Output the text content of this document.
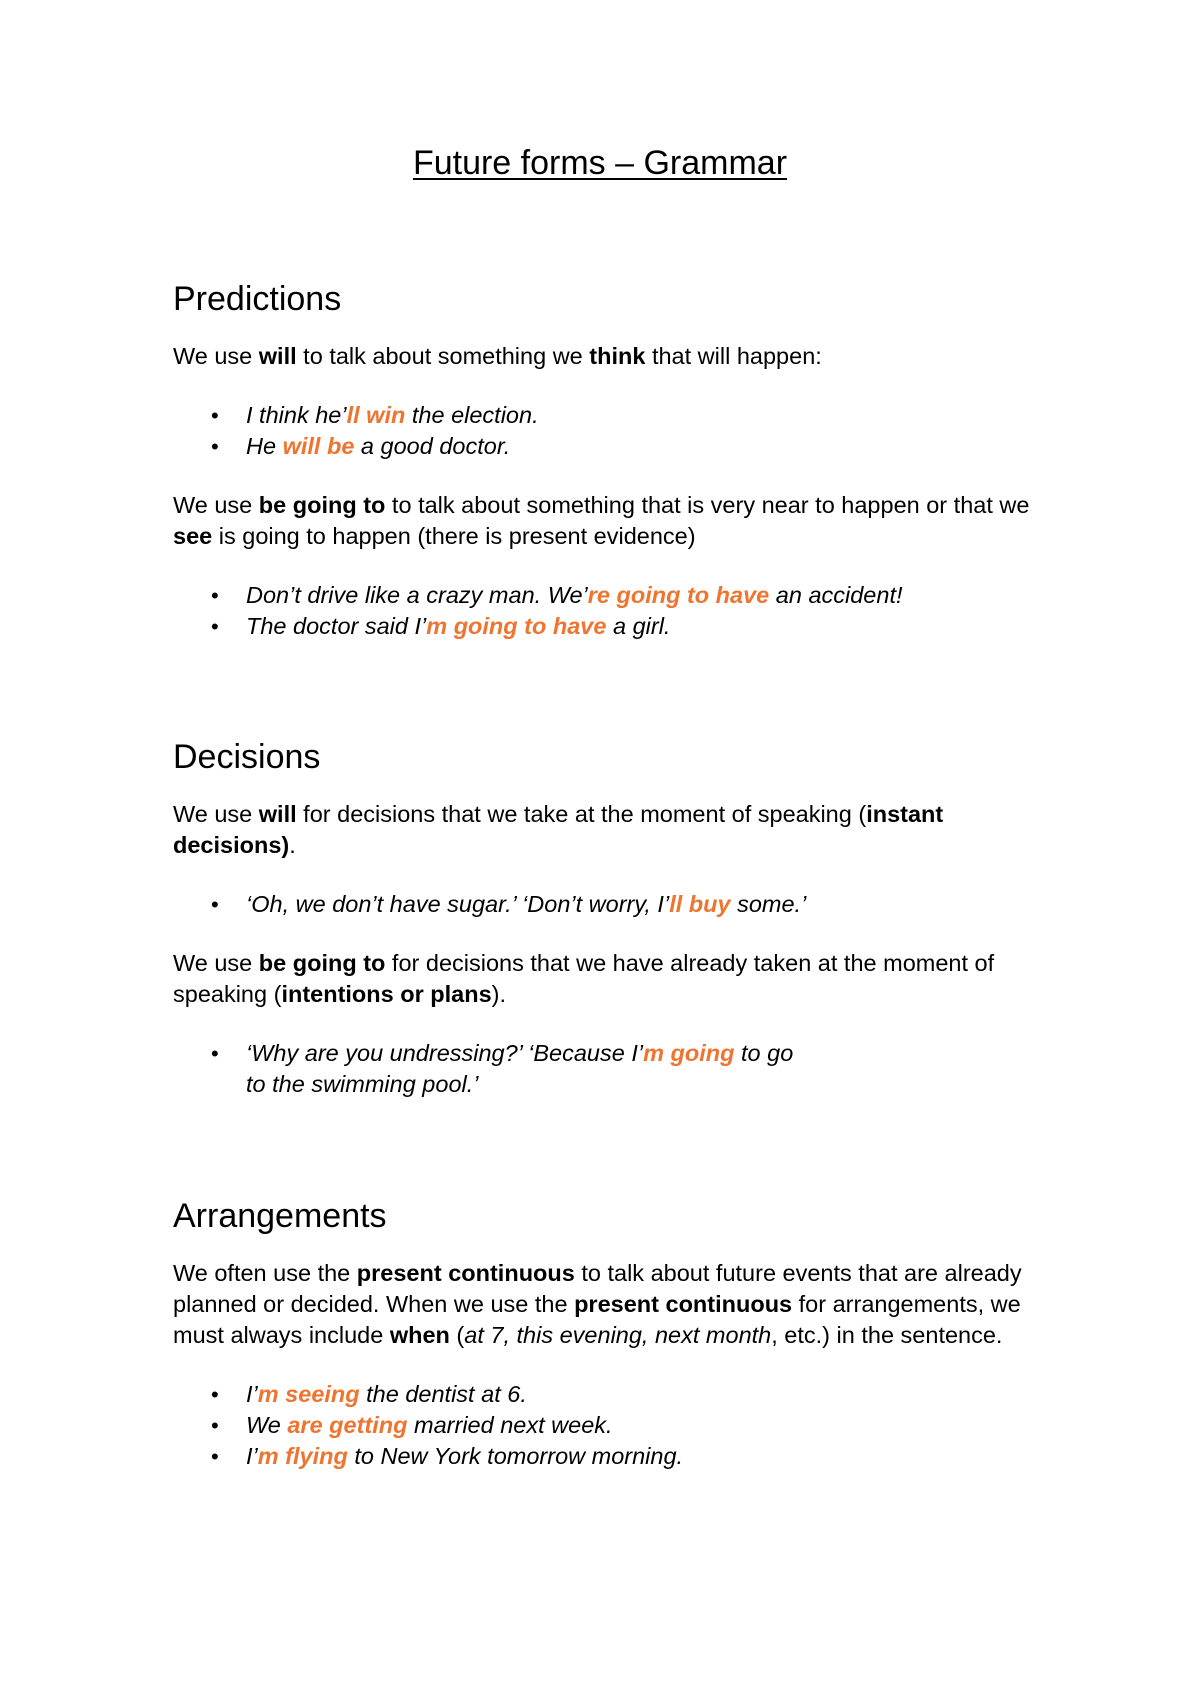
Future forms – Grammar
Predictions

We use will to talk about something we think that will happen:

• I think he’ll win the election.
• He will be a good doctor.

We use be going to to talk about something that is very near to happen or that we see is going to happen (there is present evidence)

• Don’t drive like a crazy man. We’re going to have an accident!
• The doctor said I’m going to have a girl.
Decisions

We use will for decisions that we take at the moment of speaking (instant decisions).

• ‘Oh, we don’t have sugar.’ ‘Don’t worry, I’ll buy some.’

We use be going to for decisions that we have already taken at the moment of speaking (intentions or plans).

• ‘Why are you undressing?’ ‘Because I’m going to go to the swimming pool.’
Arrangements

We often use the present continuous to talk about future events that are already planned or decided. When we use the present continuous for arrangements, we must always include when (at 7, this evening, next month, etc.) in the sentence.

• I’m seeing the dentist at 6.
• We are getting married next week.
• I’m flying to New York tomorrow morning.
